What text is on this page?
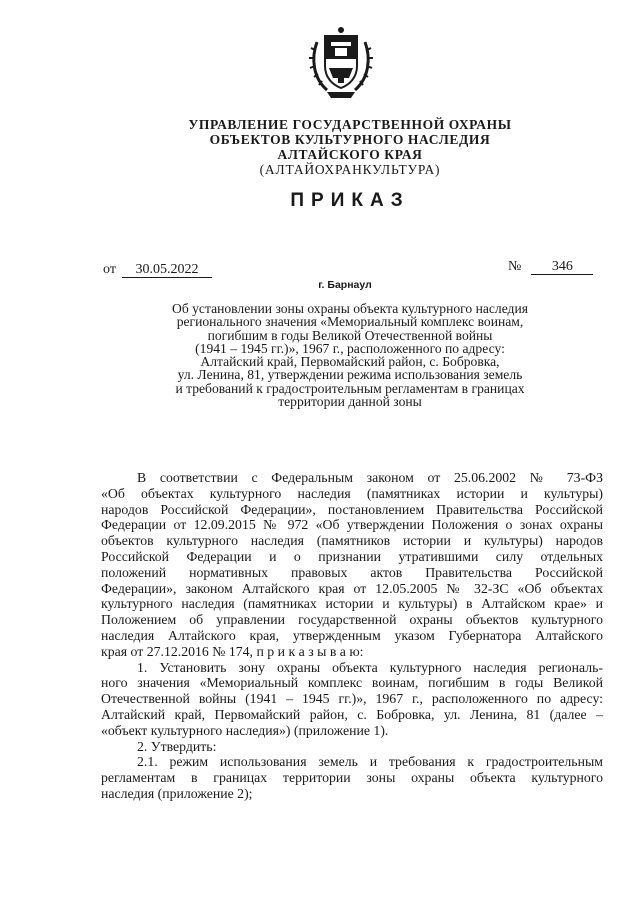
УПРАВЛЕНИЕ ГОСУДАРСТВЕННОЙ ОХРАНЫ
ОБЪЕКТОВ КУЛЬТУРНОГО НАСЛЕДИЯ
АЛТАЙСКОГО КРАЯ
(АЛТАЙОХРАНКУЛЬТУРА)
ПРИКАЗ
от 30.05.2022	№ 346
г. Барнаул
Об установлении зоны охраны объекта культурного наследия
регионального значения «Мемориальный комплекс воинам,
погибшим в годы Великой Отечественной войны
(1941 – 1945 гг.)», 1967 г., расположенного по адресу:
Алтайский край, Первомайский район, с. Бобровка,
ул. Ленина, 81, утверждении режима использования земель
и требований к градостроительным регламентам в границах
территории данной зоны
В соответствии с Федеральным законом от 25.06.2002 № 73-ФЗ
«Об объектах культурного наследия (памятниках истории и культуры)
народов Российской Федерации», постановлением Правительства Российской
Федерации от 12.09.2015 № 972 «Об утверждении Положения о зонах охраны
объектов культурного наследия (памятников истории и культуры) народов
Российской Федерации и о признании утратившими силу отдельных
положений нормативных правовых актов Правительства Российской
Федерации», законом Алтайского края от 12.05.2005 № 32-ЗС «Об объектах
культурного наследия (памятниках истории и культуры) в Алтайском крае» и
Положением об управлении государственной охраны объектов культурного
наследия Алтайского края, утвержденным указом Губернатора Алтайского
края от 27.12.2016 № 174, п р и к а з ы в а ю:
1. Установить зону охраны объекта культурного наследия региональ-
ного значения «Мемориальный комплекс воинам, погибшим в годы Великой
Отечественной войны (1941 – 1945 гг.)», 1967 г., расположенного по адресу:
Алтайский край, Первомайский район, с. Бобровка, ул. Ленина, 81 (далее –
«объект культурного наследия») (приложение 1).
2. Утвердить:
2.1. режим использования земель и требования к градостроительным
регламентам в границах территории зоны охраны объекта культурного
наследия (приложение 2);
